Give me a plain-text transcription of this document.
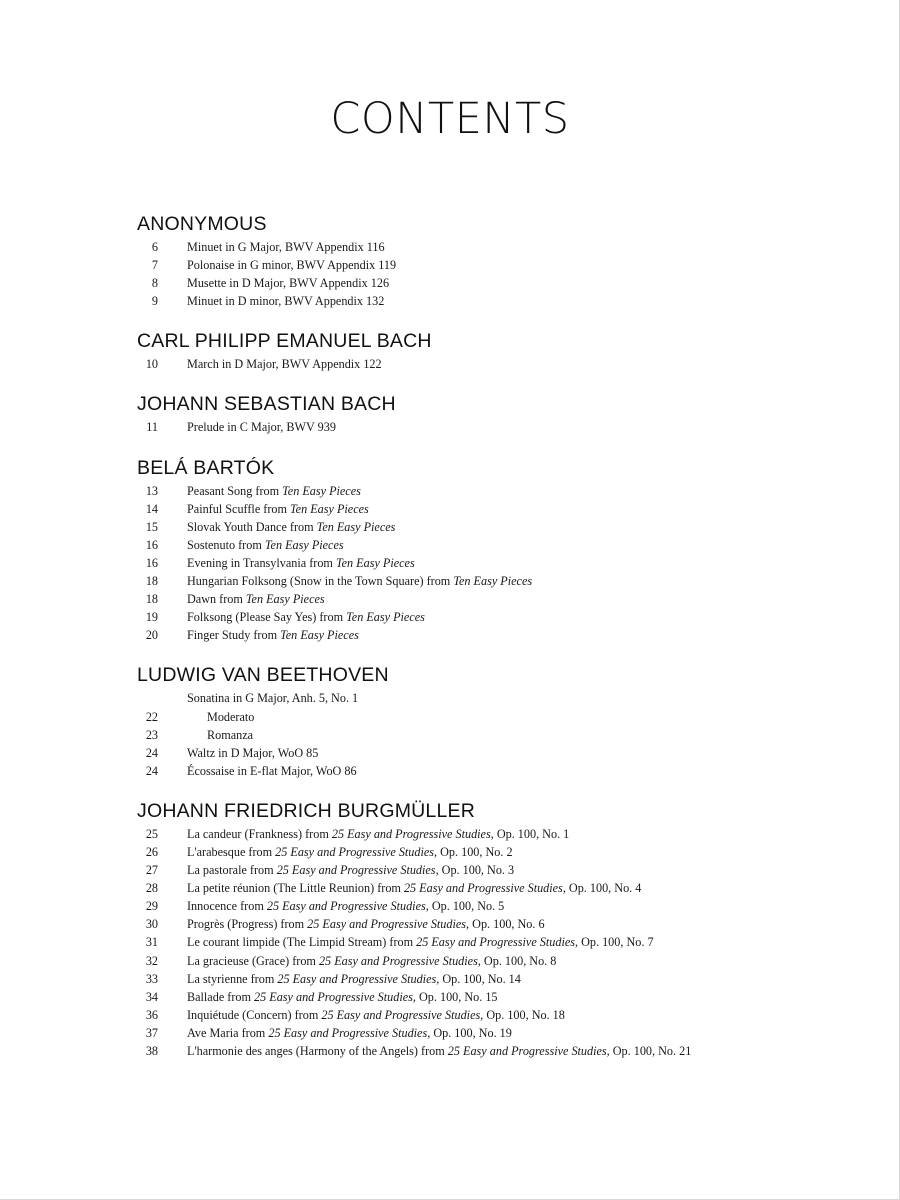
CONTENTS
ANONYMOUS
6	Minuet in G Major, BWV Appendix 116
7	Polonaise in G minor, BWV Appendix 119
8	Musette in D Major, BWV Appendix 126
9	Minuet in D minor, BWV Appendix 132
CARL PHILIPP EMANUEL BACH
10	March in D Major, BWV Appendix 122
JOHANN SEBASTIAN BACH
11	Prelude in C Major, BWV 939
BELÁ BARTÓK
13	Peasant Song from Ten Easy Pieces
14	Painful Scuffle from Ten Easy Pieces
15	Slovak Youth Dance from Ten Easy Pieces
16	Sostenuto from Ten Easy Pieces
16	Evening in Transylvania from Ten Easy Pieces
18	Hungarian Folksong (Snow in the Town Square) from Ten Easy Pieces
18	Dawn from Ten Easy Pieces
19	Folksong (Please Say Yes) from Ten Easy Pieces
20	Finger Study from Ten Easy Pieces
LUDWIG VAN BEETHOVEN
Sonatina in G Major, Anh. 5, No. 1
22	Moderato
23	Romanza
24	Waltz in D Major, WoO 85
24	Écossaise in E-flat Major, WoO 86
JOHANN FRIEDRICH BURGMÜLLER
25	La candeur (Frankness) from 25 Easy and Progressive Studies, Op. 100, No. 1
26	L'arabesque from 25 Easy and Progressive Studies, Op. 100, No. 2
27	La pastorale from 25 Easy and Progressive Studies, Op. 100, No. 3
28	La petite réunion (The Little Reunion) from 25 Easy and Progressive Studies, Op. 100, No. 4
29	Innocence from 25 Easy and Progressive Studies, Op. 100, No. 5
30	Progrès (Progress) from 25 Easy and Progressive Studies, Op. 100, No. 6
31	Le courant limpide (The Limpid Stream) from 25 Easy and Progressive Studies, Op. 100, No. 7
32	La gracieuse (Grace) from 25 Easy and Progressive Studies, Op. 100, No. 8
33	La styrienne from 25 Easy and Progressive Studies, Op. 100, No. 14
34	Ballade from 25 Easy and Progressive Studies, Op. 100, No. 15
36	Inquiétude (Concern) from 25 Easy and Progressive Studies, Op. 100, No. 18
37	Ave Maria from 25 Easy and Progressive Studies, Op. 100, No. 19
38	L'harmonie des anges (Harmony of the Angels) from 25 Easy and Progressive Studies, Op. 100, No. 21
